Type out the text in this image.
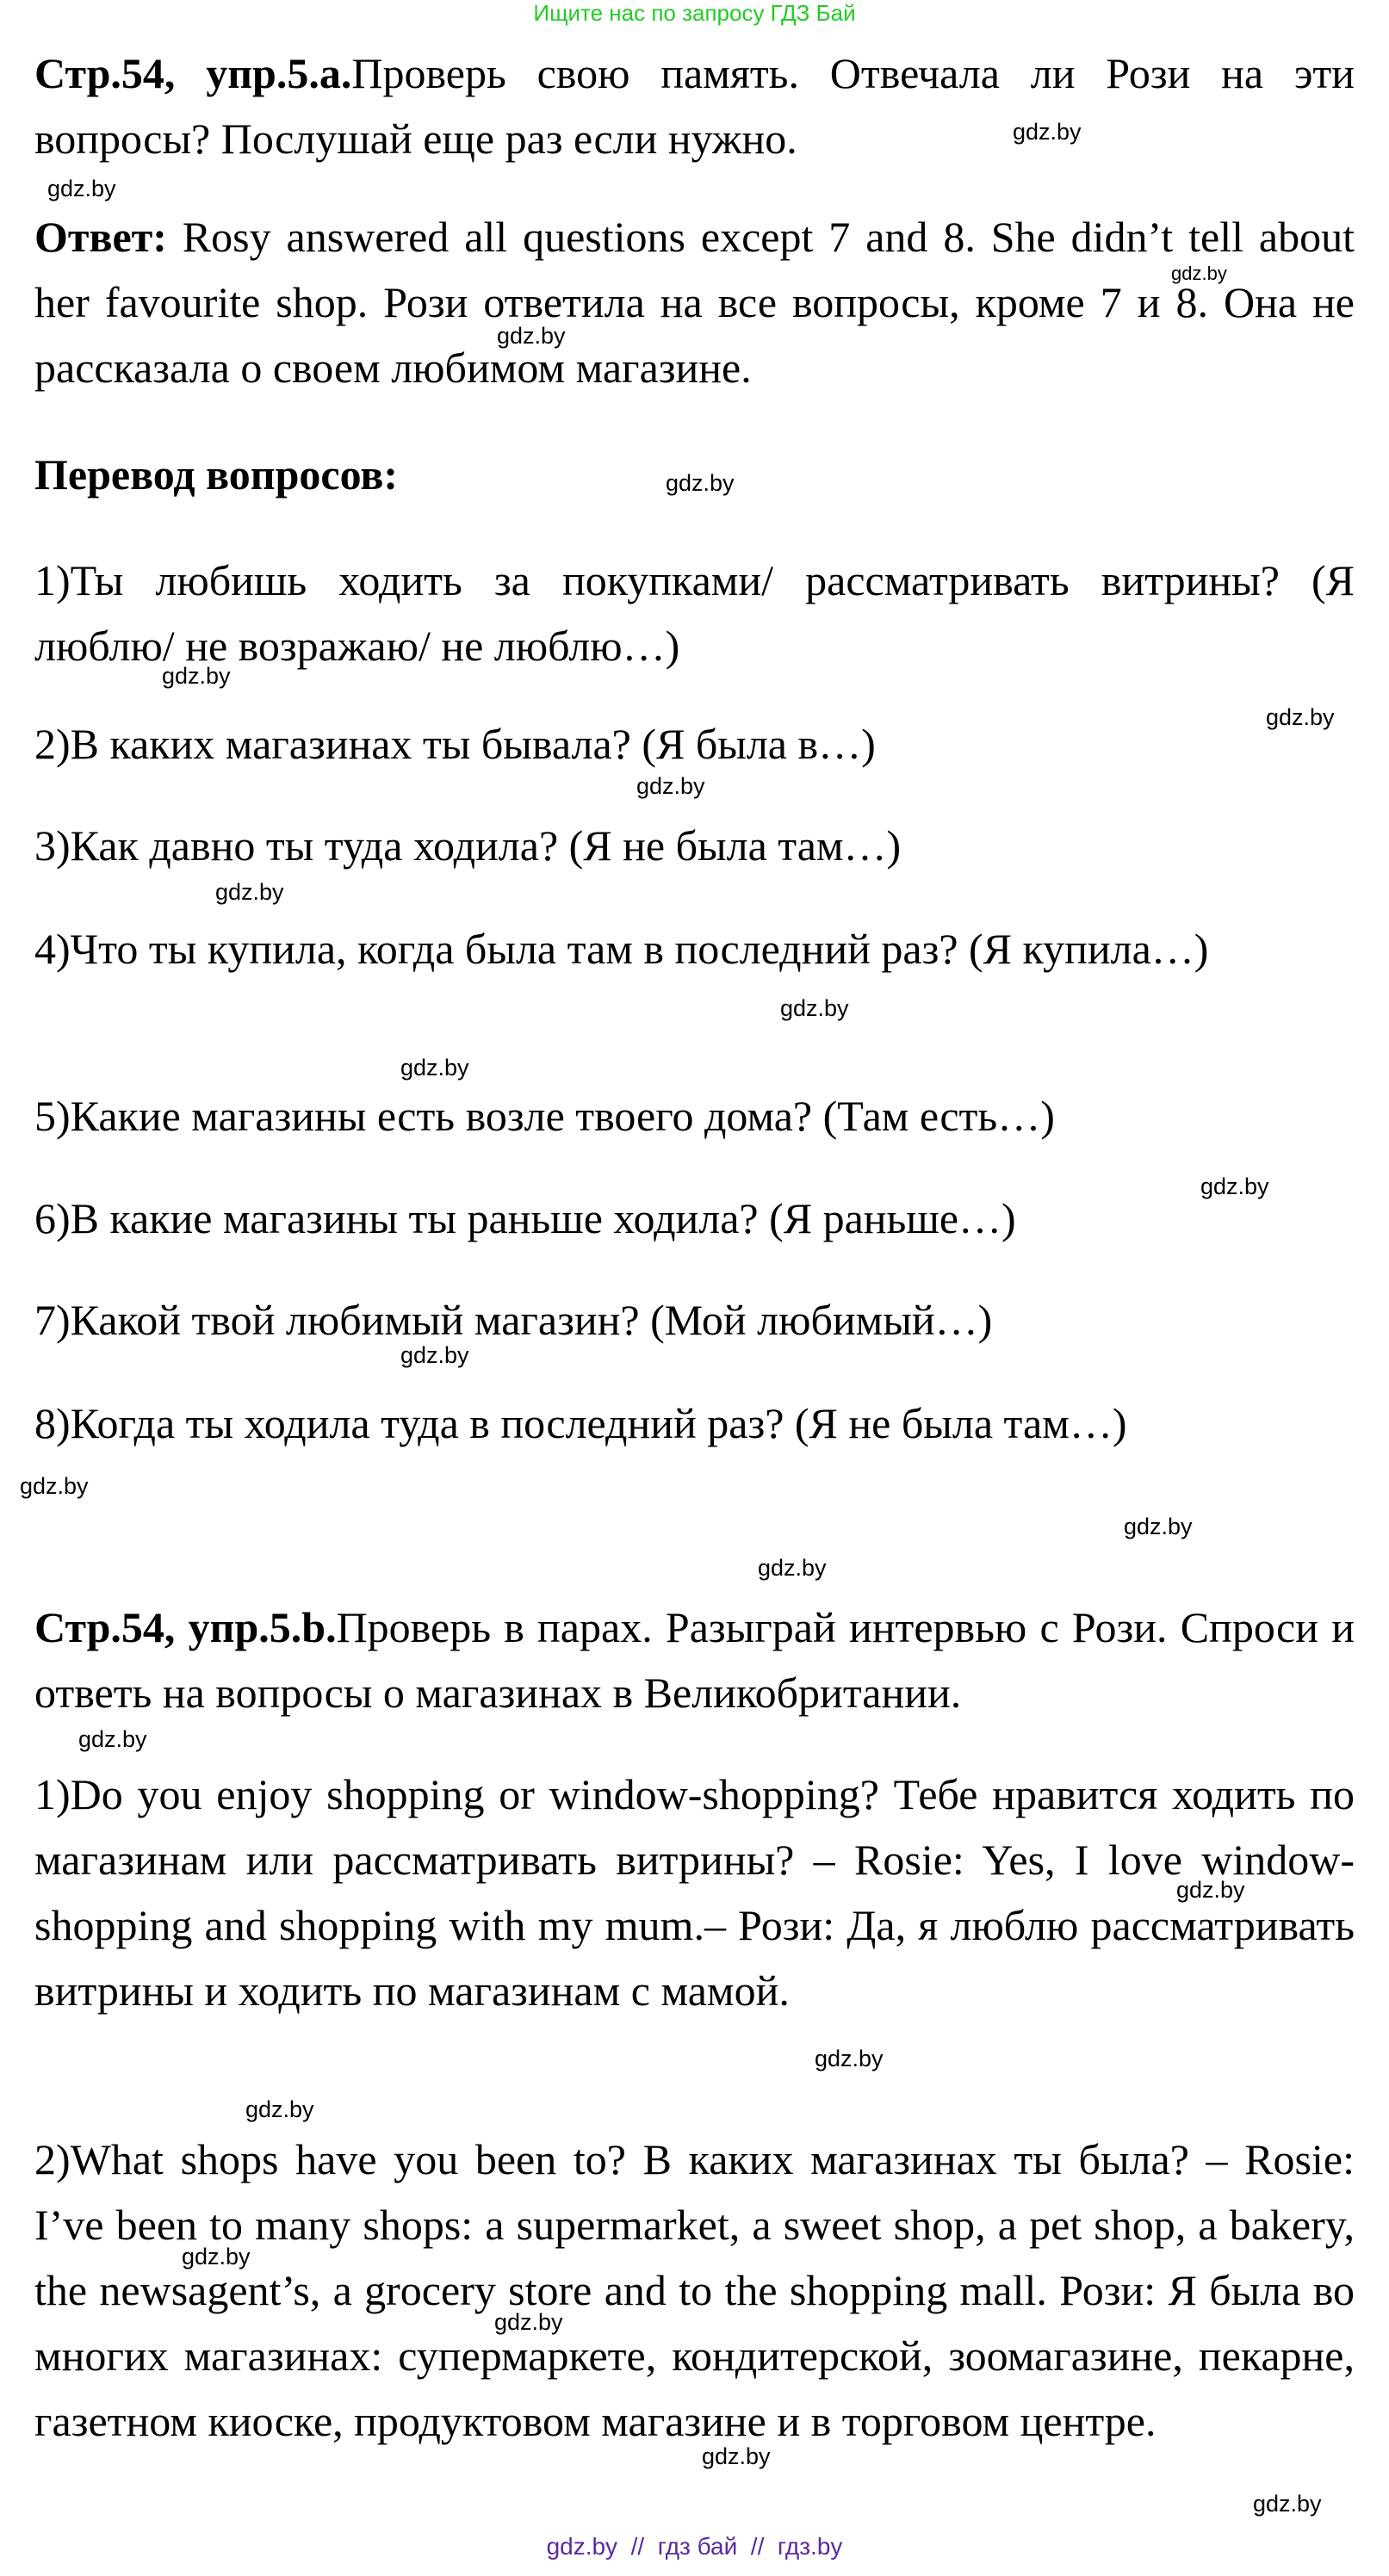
Ищите нас по запросу ГДЗ Бай

Стр.54, упр.5.a.Проверь свою память. Отвечала ли Рози на эти вопросы? Послушай еще раз если нужно.

Ответ: Rosy answered all questions except 7 and 8. She didn’t tell about her favourite shop. Рози ответила на все вопросы, кроме 7 и 8. Она не рассказала о своем любимом магазине.

Перевод вопросов:

1)Ты любишь ходить за покупками/ рассматривать витрины? (Я люблю/ не возражаю/ не люблю…)

2)В каких магазинах ты бывала? (Я была в…)

3)Как давно ты туда ходила? (Я не была там…)

4)Что ты купила, когда была там в последний раз? (Я купила…)

5)Какие магазины есть возле твоего дома? (Там есть…)

6)В какие магазины ты раньше ходила? (Я раньше…)

7)Какой твой любимый магазин? (Мой любимый…)

8)Когда ты ходила туда в последний раз? (Я не была там…)

Стр.54, упр.5.b.Проверь в парах. Разыграй интервью с Рози. Спроси и ответь на вопросы о магазинах в Великобритании.

1)Do you enjoy shopping or window-shopping? Тебе нравится ходить по магазинам или рассматривать витрины? – Rosie: Yes, I love window-shopping and shopping with my mum.– Рози: Да, я люблю рассматривать витрины и ходить по магазинам с мамой.

2)What shops have you been to? В каких магазинах ты была? – Rosie: I’ve been to many shops: a supermarket, a sweet shop, a pet shop, a bakery, the newsagent’s, a grocery store and to the shopping mall. Рози: Я была во многих магазинах: супермаркете, кондитерской, зоомагазине, пекарне, газетном киоске, продуктовом магазине и в торговом центре.

gdz.by
gdz.by
gdz.by
gdz.by
gdz.by
gdz.by
gdz.by
gdz.by
gdz.by
gdz.by
gdz.by
gdz.by
gdz.by
gdz.by
gdz.by
gdz.by
gdz.by
gdz.by
gdz.by
gdz.by
gdz.by
gdz.by
gdz.by
gdz.by
gdz.by  //  гдз бай  //  гдз.by
